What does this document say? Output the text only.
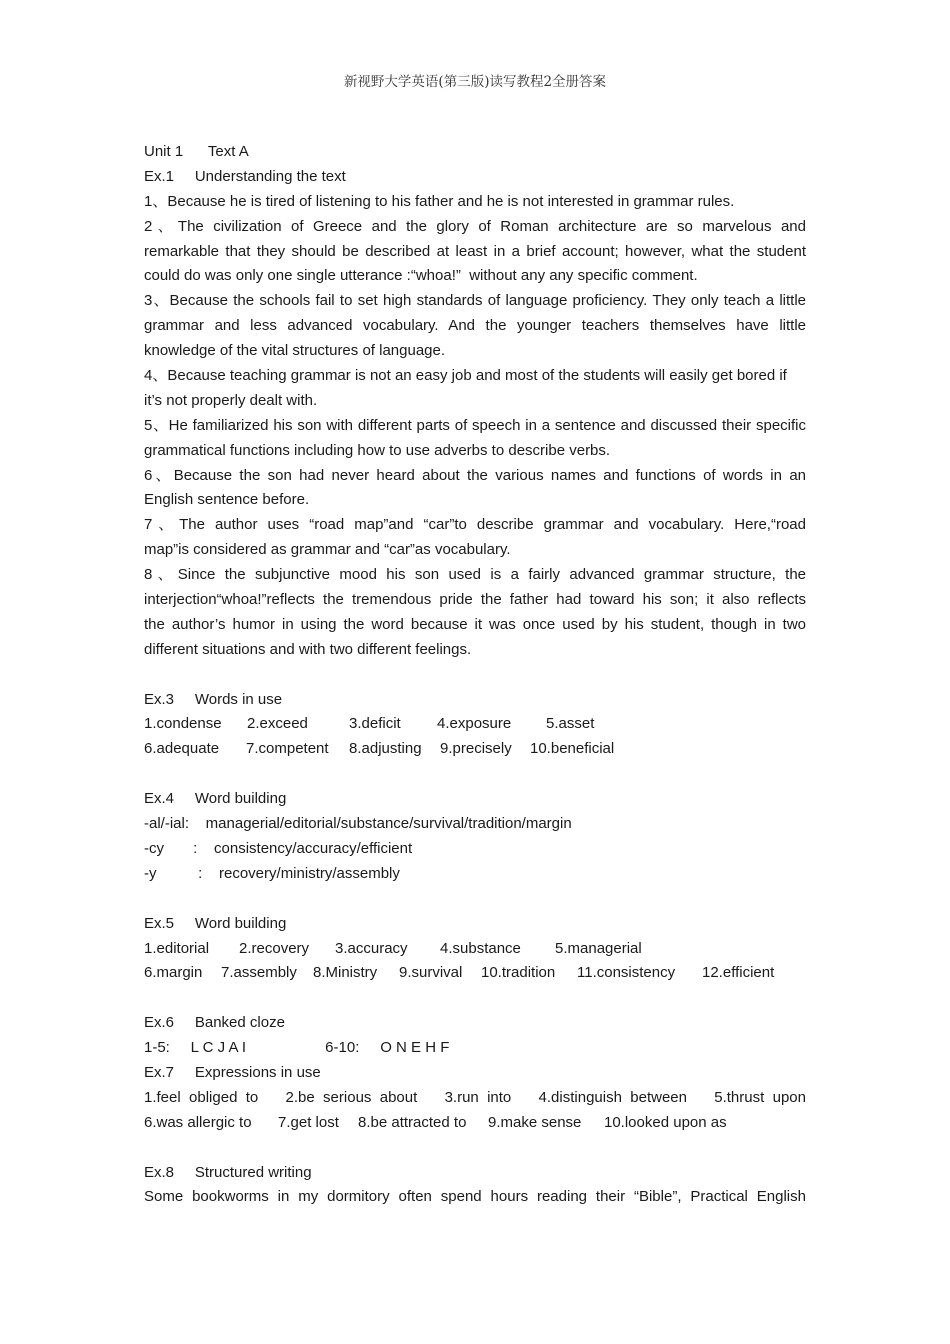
新视野大学英语(第三版)读写教程2全册答案
Unit 1      Text A
Ex.1     Understanding the text
1、Because he is tired of listening to his father and he is not interested in grammar rules.
2、The civilization of Greece and the glory of Roman architecture are so marvelous and
remarkable that they should be described at least in a brief account; however, what the student
could do was only one single utterance :“whoa!”  without any any specific comment.
3、Because the schools fail to set high standards of language proficiency. They only teach a little
grammar and less advanced vocabulary. And the younger teachers themselves have little
knowledge of the vital structures of language.
4、Because teaching grammar is not an easy job and most of the students will easily get bored if
it’s not properly dealt with.
5、He familiarized his son with different parts of speech in a sentence and discussed their specific
grammatical functions including how to use adverbs to describe verbs.
6、Because the son had never heard about the various names and functions of words in an
English sentence before.
7、The author uses “road map”and “car”to describe grammar and vocabulary. Here,“road
map”is considered as grammar and “car”as vocabulary.
8、Since the subjunctive mood his son used is a fairly advanced grammar structure, the
interjection“whoa!”reflects the tremendous pride the father had toward his son; it also reflects
the author’s humor in using the word because it was once used by his student, though in two
different situations and with two different feelings.
Ex.3     Words in use
1.condense	2.exceed	3.deficit	4.exposure	5.asset
6.adequate	7.competent	8.adjusting	9.precisely	10.beneficial
Ex.4     Word building
-al/-ial:    managerial/editorial/substance/survival/tradition/margin
-cy       :    consistency/accuracy/efficient
-y          :    recovery/ministry/assembly
Ex.5     Word building
1.editorial	2.recovery	3.accuracy	4.substance	5.managerial
6.margin	7.assembly	8.Ministry	9.survival	10.tradition	11.consistency	12.efficient
Ex.6     Banked cloze
1-5:     L C J A I                   6-10:     O N E H F
Ex.7     Expressions in use
1.feel  obliged  to 2.be  serious  about 3.run  into 4.distinguish  between 5.thrust  upon
6.was allergic to	7.get lost	8.be attracted to	9.make sense	10.looked upon as
Ex.8     Structured writing
Some bookworms in my dormitory often spend hours reading their “Bible”, Practical English
